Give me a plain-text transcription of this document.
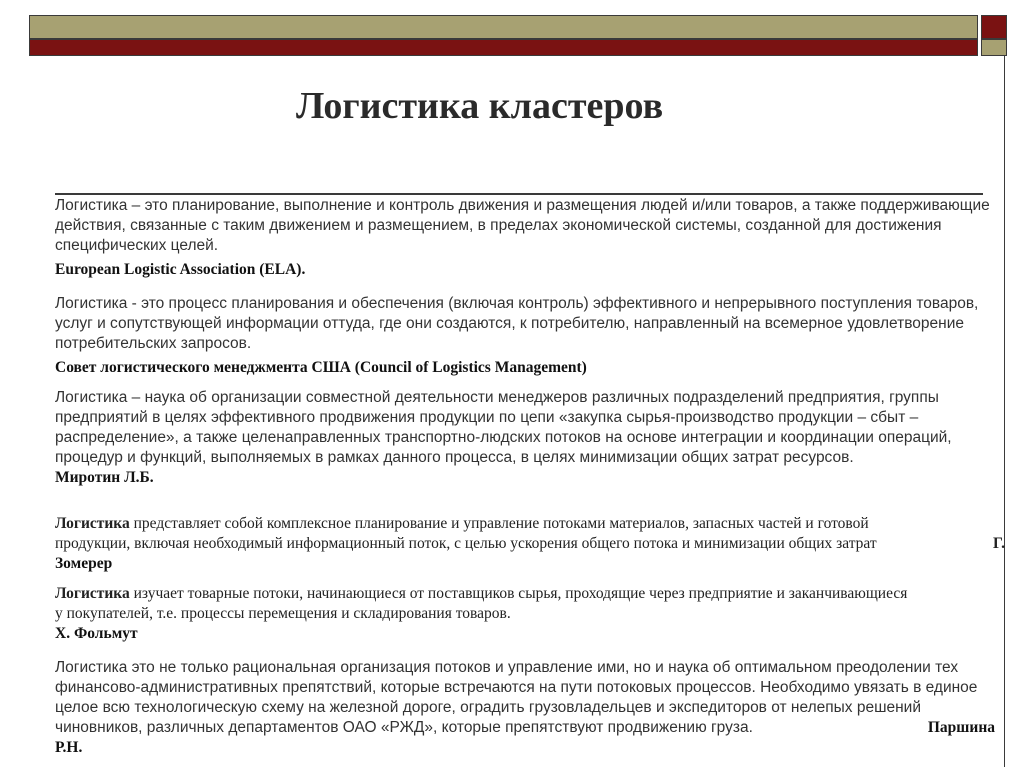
Логистика кластеров

Логистика – это планирование, выполнение и контроль движения и размещения людей и/или товаров, а также поддерживающие
действия, связанные с таким движением и размещением, в пределах экономической системы, созданной для достижения
специфических целей.

European Logistic Association (ELA).

Логистика - это процесс планирования и обеспечения (включая контроль) эффективного и непрерывного поступления товаров,
услуг и сопутствующей информации оттуда, где они создаются, к потребителю, направленный на всемерное удовлетворение
потребительских запросов.

Совет логистического менеджмента США (Council of Logistics Management)

Логистика – наука об организации совместной деятельности менеджеров различных подразделений предприятия, группы
предприятий в целях эффективного продвижения продукции по цепи «закупка сырья-производство продукции – сбыт –
распределение», а также целенаправленных транспортно-людских потоков на основе интеграции и координации операций,
процедур и функций, выполняемых в рамках данного процесса, в целях минимизации общих затрат ресурсов.

Миротин Л.Б.

Логистика представляет собой комплексное планирование и управление потоками материалов, запасных частей и готовой
продукции, включая необходимый информационный поток, с целью ускорения общего потока и минимизации общих затрат	Г.

Зомерер

Логистика изучает товарные потоки, начинающиеся от поставщиков сырья, проходящие через предприятие и заканчивающиеся
у покупателей, т.е. процессы перемещения и складирования товаров.

Х. Фольмут

Логистика это не только рациональная организация потоков и управление ими, но и наука об оптимальном преодолении тех
финансово-административных препятствий, которые встречаются на пути потоковых процессов. Необходимо увязать в единое
целое всю технологическую схему на железной дороге, оградить грузовладельцев и экспедиторов от нелепых решений
чиновников, различных департаментов ОАО «РЖД», которые препятствуют продвижению груза.	Паршина

Р.Н.
